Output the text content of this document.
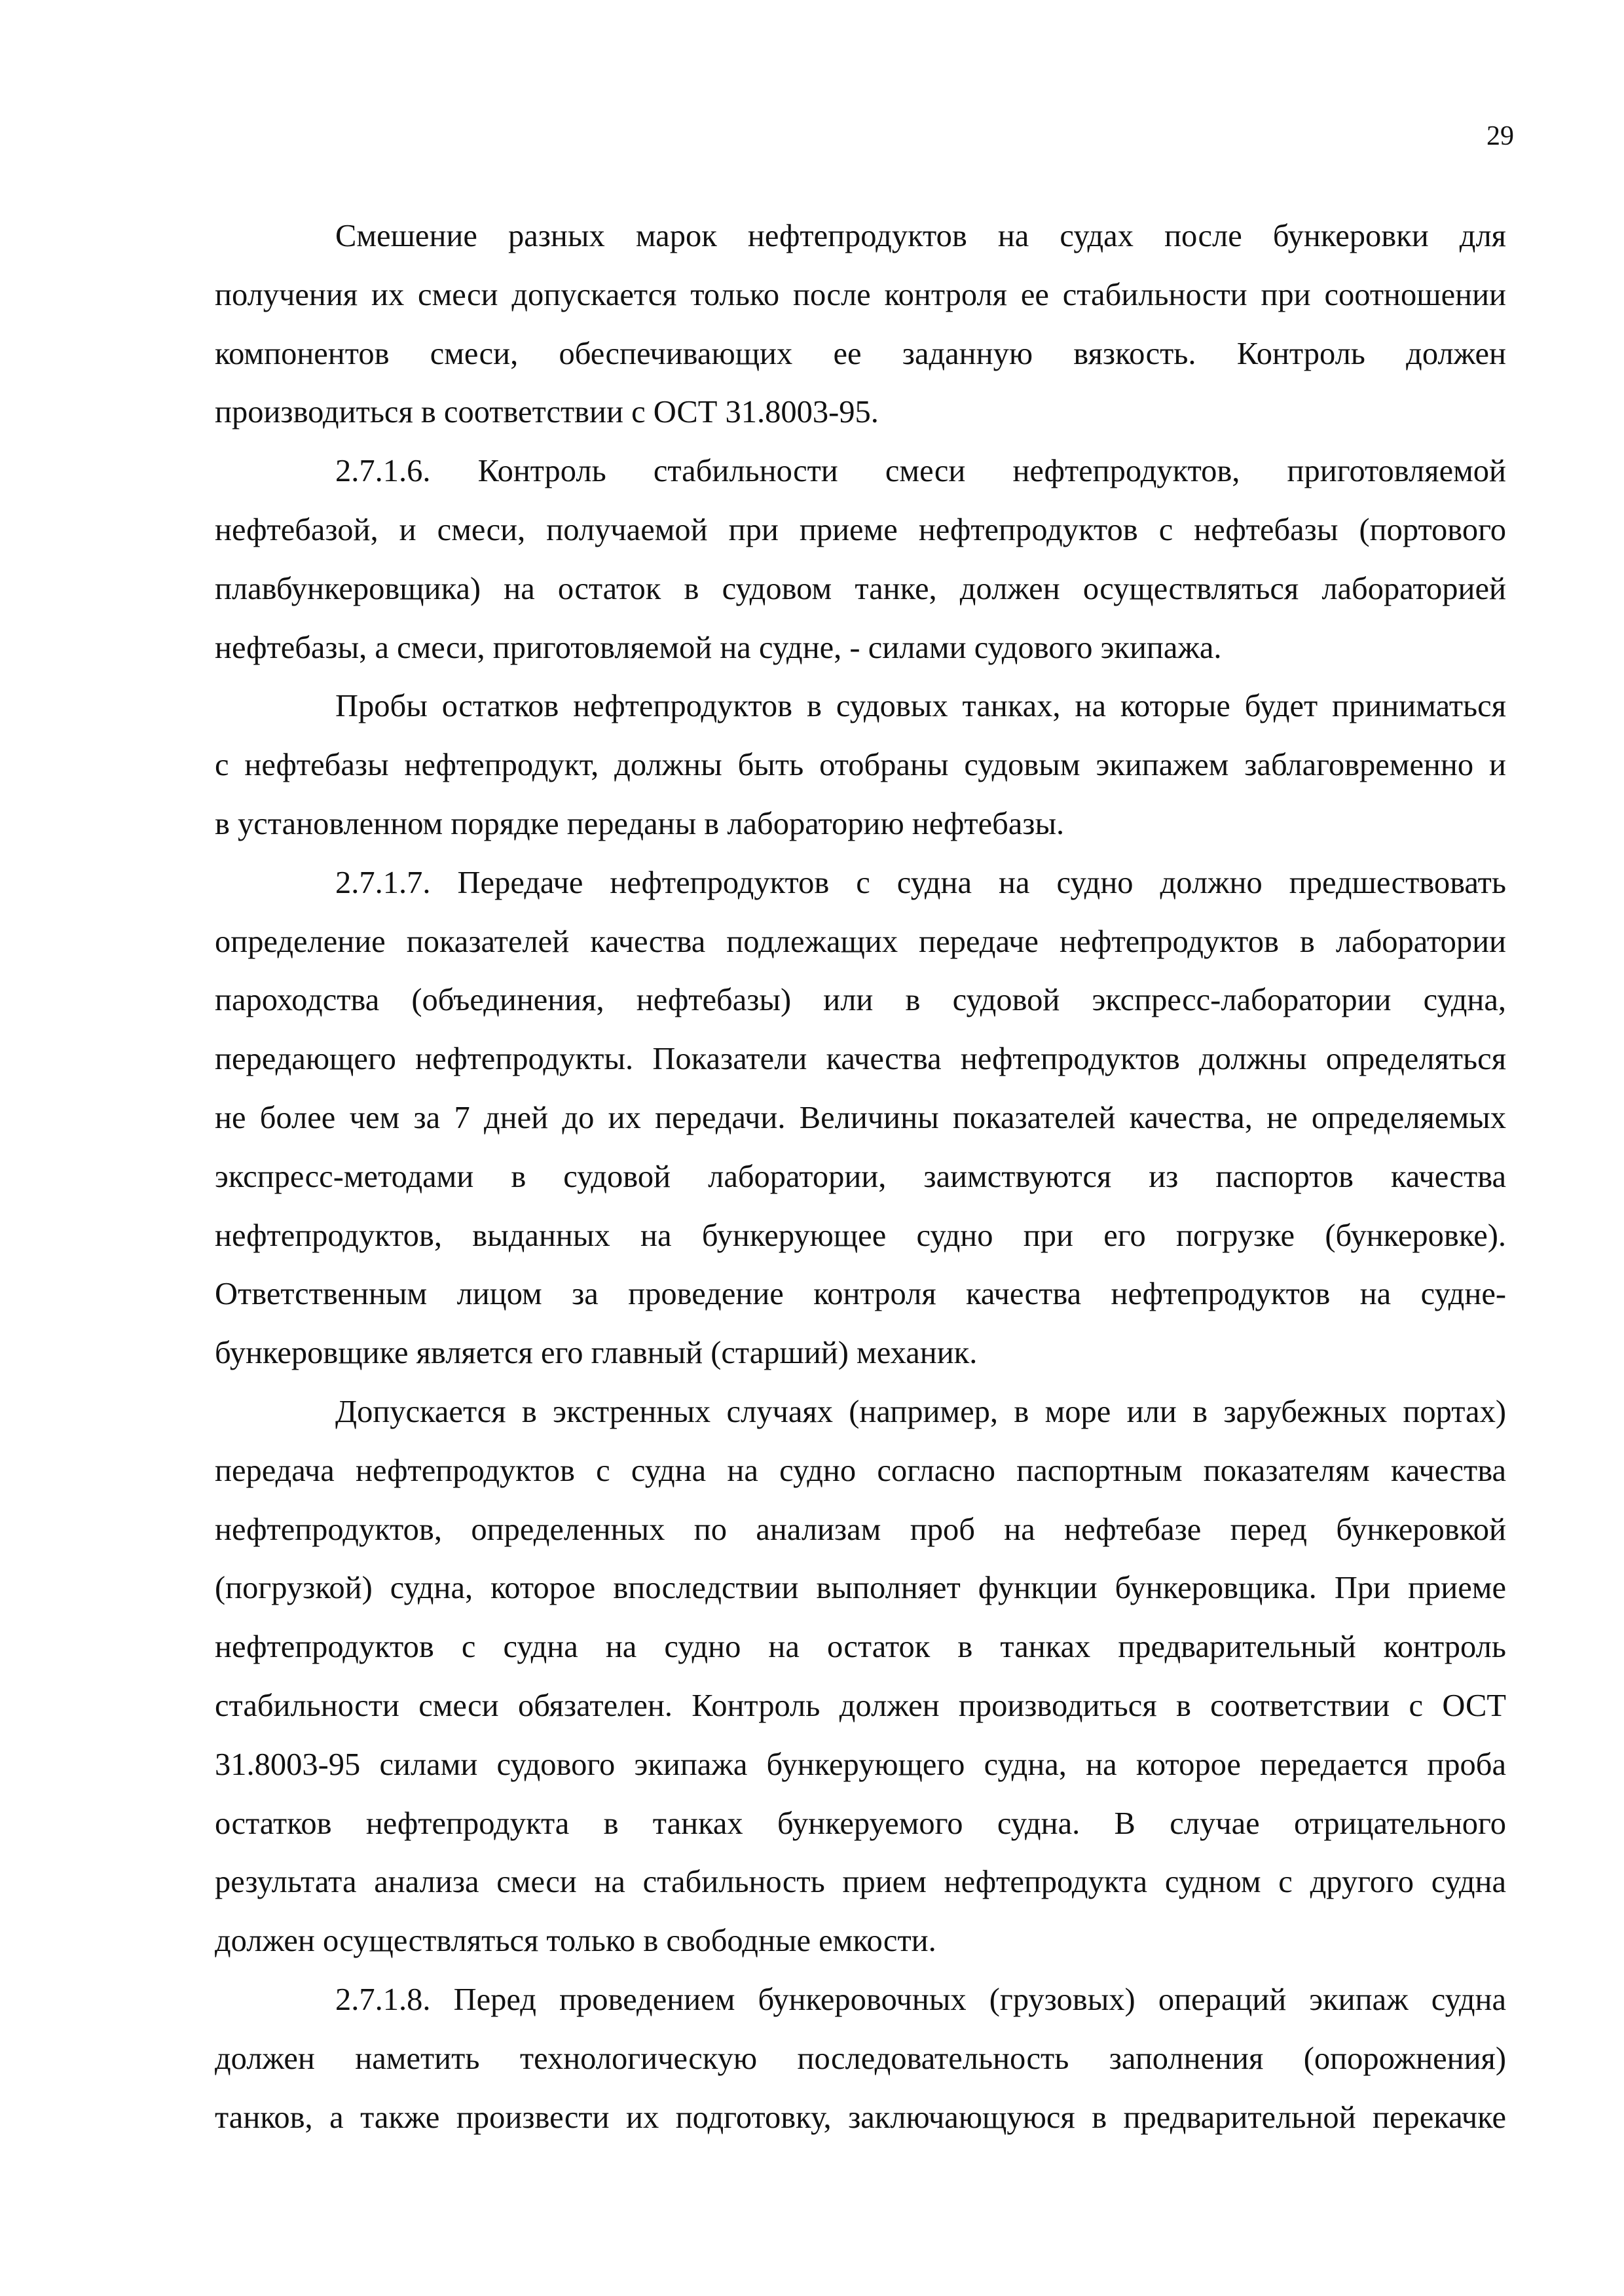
29
Смешение разных марок нефтепродуктов на судах после бункеровки для
получения их смеси допускается только после контроля ее стабильности при соотношении
компонентов смеси, обеспечивающих ее заданную вязкость. Контроль должен
производиться в соответствии с ОСТ 31.8003-95.
2.7.1.6. Контроль стабильности смеси нефтепродуктов, приготовляемой
нефтебазой, и смеси, получаемой при приеме нефтепродуктов с нефтебазы (портового
плавбункеровщика) на остаток в судовом танке, должен осуществляться лабораторией
нефтебазы, а смеси, приготовляемой на судне, - силами судового экипажа.
Пробы остатков нефтепродуктов в судовых танках, на которые будет приниматься
с нефтебазы нефтепродукт, должны быть отобраны судовым экипажем заблаговременно и
в установленном порядке переданы в лабораторию нефтебазы.
2.7.1.7. Передаче нефтепродуктов с судна на судно должно предшествовать
определение показателей качества подлежащих передаче нефтепродуктов в лаборатории
пароходства (объединения, нефтебазы) или в судовой экспресс-лаборатории судна,
передающего нефтепродукты. Показатели качества нефтепродуктов должны определяться
не более чем за 7 дней до их передачи. Величины показателей качества, не определяемых
экспресс-методами в судовой лаборатории, заимствуются из паспортов качества
нефтепродуктов, выданных на бункерующее судно при его погрузке (бункеровке).
Ответственным лицом за проведение контроля качества нефтепродуктов на судне-
бункеровщике является его главный (старший) механик.
Допускается в экстренных случаях (например, в море или в зарубежных портах)
передача нефтепродуктов с судна на судно согласно паспортным показателям качества
нефтепродуктов, определенных по анализам проб на нефтебазе перед бункеровкой
(погрузкой) судна, которое впоследствии выполняет функции бункеровщика. При приеме
нефтепродуктов с судна на судно на остаток в танках предварительный контроль
стабильности смеси обязателен. Контроль должен производиться в соответствии с ОСТ
31.8003-95 силами судового экипажа бункерующего судна, на которое передается проба
остатков нефтепродукта в танках бункеруемого судна. В случае отрицательного
результата анализа смеси на стабильность прием нефтепродукта судном с другого судна
должен осуществляться только в свободные емкости.
2.7.1.8. Перед проведением бункеровочных (грузовых) операций экипаж судна
должен наметить технологическую последовательность заполнения (опорожнения)
танков, а также произвести их подготовку, заключающуюся в предварительной перекачке
